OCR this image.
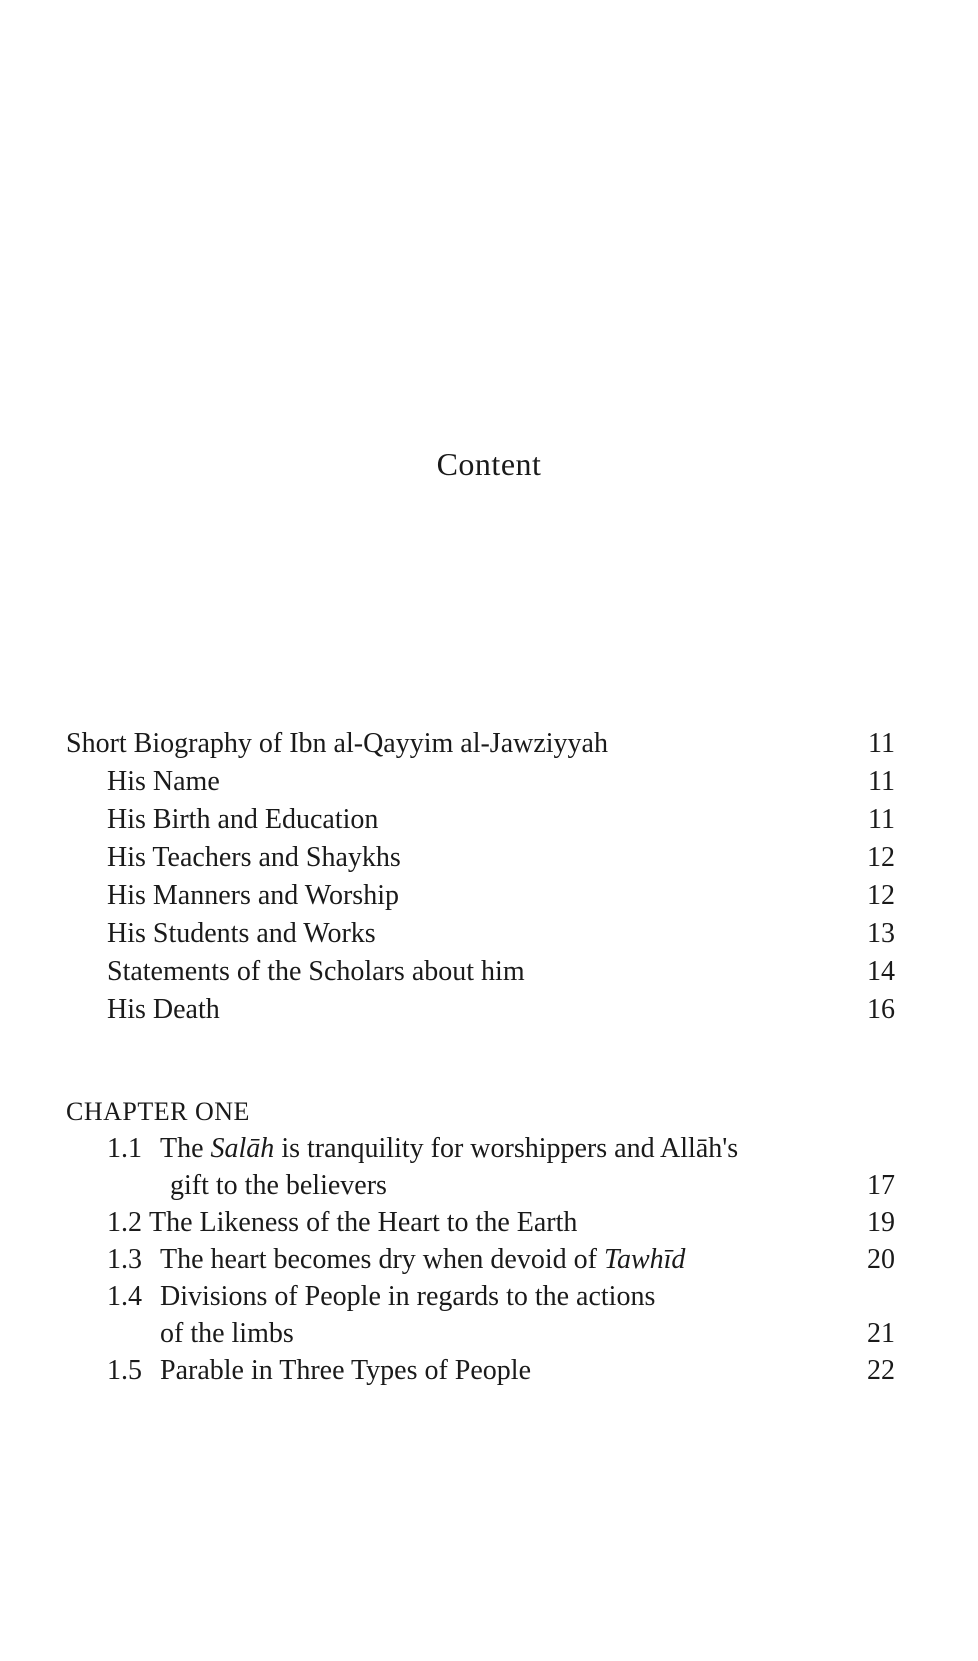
Content
Short Biography of Ibn al-Qayyim al-Jawziyyah	11
His Name	11
His Birth and Education	11
His Teachers and Shaykhs	12
His Manners and Worship	12
His Students and Works	13
Statements of the Scholars about him	14
His Death	16
CHAPTER ONE
1.1 The Salāh is tranquility for worshippers and Allāh's
gift to the believers	17
1.2 The Likeness of the Heart to the Earth	19
1.3 The heart becomes dry when devoid of Tawhīd	20
1.4 Divisions of People in regards to the actions
of the limbs	21
1.5 Parable in Three Types of People	22
